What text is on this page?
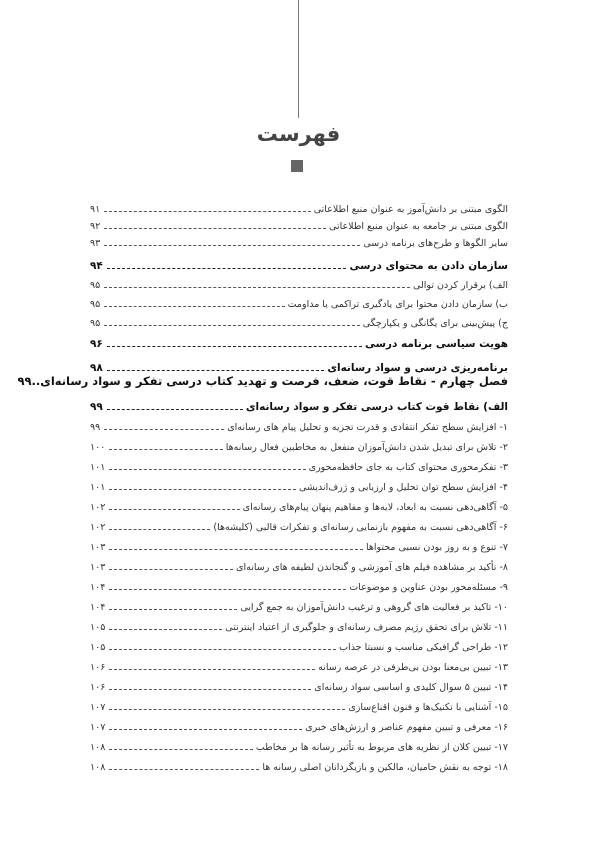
فهرست
الگوی مبتنی بر دانش‌آموز به عنوان منبع اطلاعاتی
۹۱
الگوی مبتنی بر جامعه به عنوان منبع اطلاعاتی
۹۲
سایر الگوها و طرح‌های برنامه درسی
۹۳
سازمان دادن به محتوای درسی
۹۴
الف) برقرار کردن توالی
۹۵
ب) سازمان دادن محتوا برای یادگیری تراکمی یا مداومت
۹۵
ج) پیش‌بینی برای یگانگی و یکپارچگی
۹۵
هویت سیاسی برنامه درسی
۹۶
برنامه‌ریزی درسی و سواد رسانه‌ای
۹۸
فصل چهارم - نقاط قوت، ضعف، فرصت و تهدید کتاب درسی تفکر و سواد رسانه‌ای..۹۹
الف) نقاط قوت کتاب درسی تفکر و سواد رسانه‌ای
۹۹
۱- افزایش سطح تفکر انتقادی و قدرت تجزیه و تحلیل پیام های رسانه‌ای
۹۹
۲- تلاش برای تبدیل شدن دانش‌آموزان منفعل به مخاطبین فعال رسانه‌ها
۱۰۰
۳- تفکرمحوری محتوای کتاب به جای حافظه‌محوری
۱۰۱
۴- افزایش سطح توان تحلیل و ارزیابی و ژرف‌اندیشی
۱۰۱
۵- آگاهی‌دهی نسبت به ابعاد، لایه‌ها و مفاهیم پنهان پیام‌های رسانه‌ای
۱۰۲
۶- آگاهی‌دهی نسبت به مفهوم بازنمایی رسانه‌ای و تفکرات قالبی (کلیشه‌ها)
۱۰۲
۷- تنوع و به روز بودن نسبی محتواها
۱۰۳
۸- تأکید بر مشاهده فیلم های آموزشی و گنجاندن لطیفه های رسانه‌ای
۱۰۳
۹- مسئله‌محور بودن عناوین و موضوعات
۱۰۴
۱۰- تاکید بر فعالیت های گروهی و ترغیب دانش‌آموزان به جمع گرایی
۱۰۴
۱۱- تلاش برای تحقق رژیم مصرف رسانه‌ای و جلوگیری از اعتیاد اینترنتی
۱۰۵
۱۲- طراحی گرافیکی مناسب و نسبتا جذاب
۱۰۵
۱۳- تبیین بی‌معنا بودن بی‌طرفی در عرصه رسانه
۱۰۶
۱۴- تبیین ۵ سوال کلیدی و اساسی سواد رسانه‌ای
۱۰۶
۱۵- آشنایی با تکنیک‌ها و فنون اقناع‌سازی
۱۰۷
۱۶- معرفی و تبیین مفهوم عناصر و ارزش‌های خبری
۱۰۷
۱۷- تبیین کلان از نظریه های مربوط به تأثیر رسانه ها بر مخاطب
۱۰۸
۱۸- توجه به نقش حامیان، مالکین و بازیگردانان اصلی رسانه ها
۱۰۸
